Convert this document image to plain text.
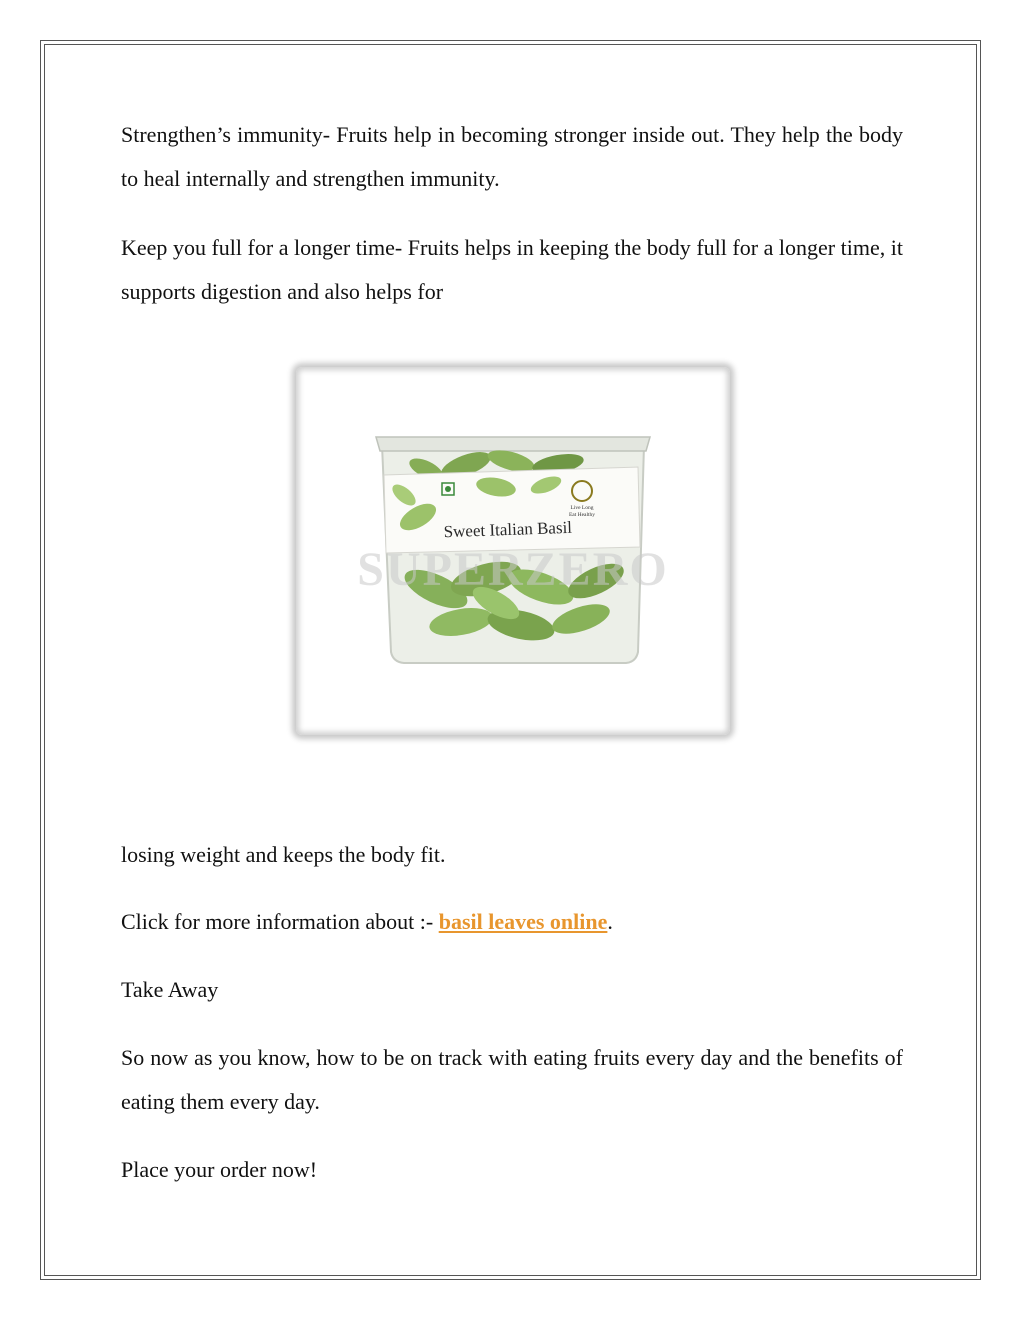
Strengthen’s immunity- Fruits help in becoming stronger inside out. They help the body to heal internally and strengthen immunity.

Keep you full for a longer time- Fruits helps in keeping the body full for a longer time, it supports digestion and also helps for

Live Long
Eat Healthy
Sweet Italian Basil
SUPERZERO

losing weight and keeps the body fit.

Click for more information about :- basil leaves online.

Take Away

So now as you know, how to be on track with eating fruits every day and the benefits of eating them every day.

Place your order now!
